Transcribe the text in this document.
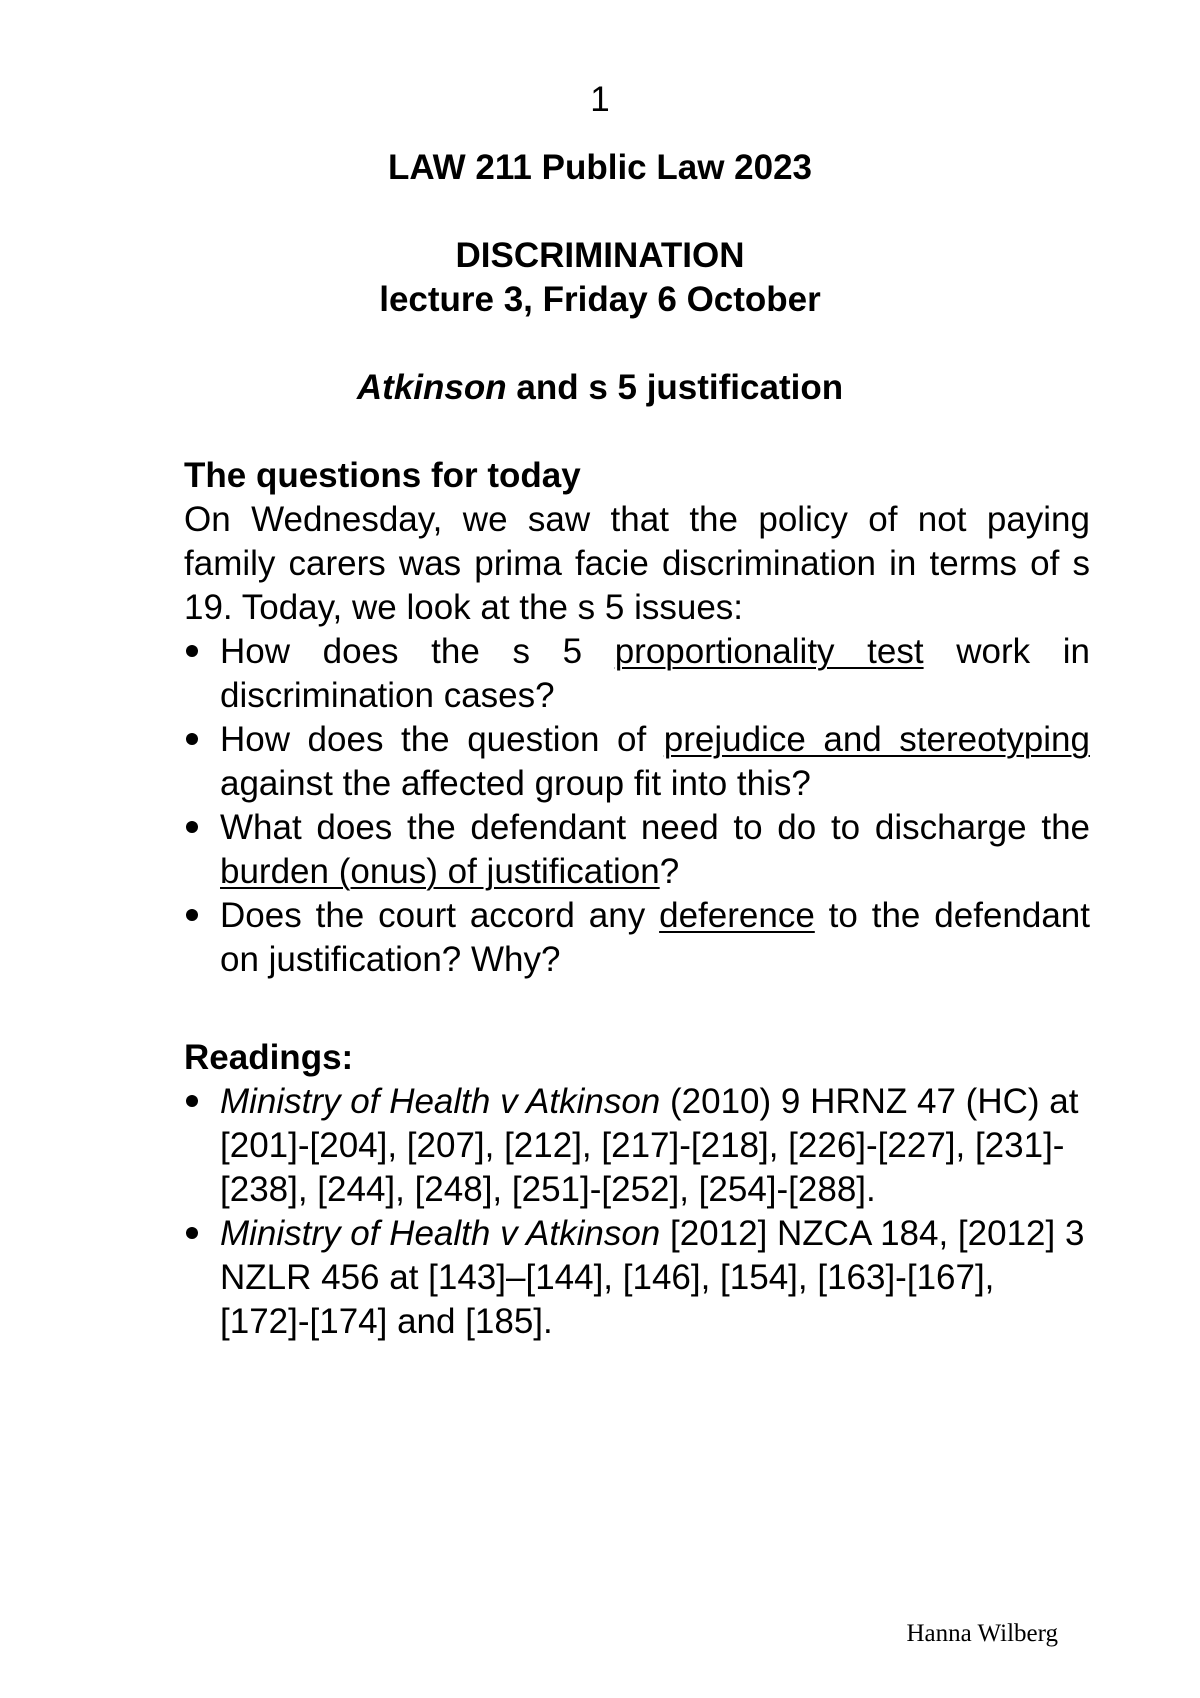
1
LAW 211 Public Law 2023
DISCRIMINATION
lecture 3, Friday 6 October
Atkinson and s 5 justification
The questions for today
On Wednesday, we saw that the policy of not paying family carers was prima facie discrimination in terms of s 19. Today, we look at the s 5 issues:
How does the s 5 proportionality test work in discrimination cases?
How does the question of prejudice and stereotyping against the affected group fit into this?
What does the defendant need to do to discharge the burden (onus) of justification?
Does the court accord any deference to the defendant on justification? Why?
Readings:
Ministry of Health v Atkinson (2010) 9 HRNZ 47 (HC) at [201]-[204], [207], [212], [217]-[218], [226]-[227], [231]-[238], [244], [248], [251]-[252], [254]-[288].
Ministry of Health v Atkinson [2012] NZCA 184, [2012] 3 NZLR 456 at [143]–[144], [146], [154], [163]-[167], [172]-[174] and [185].
Hanna Wilberg
